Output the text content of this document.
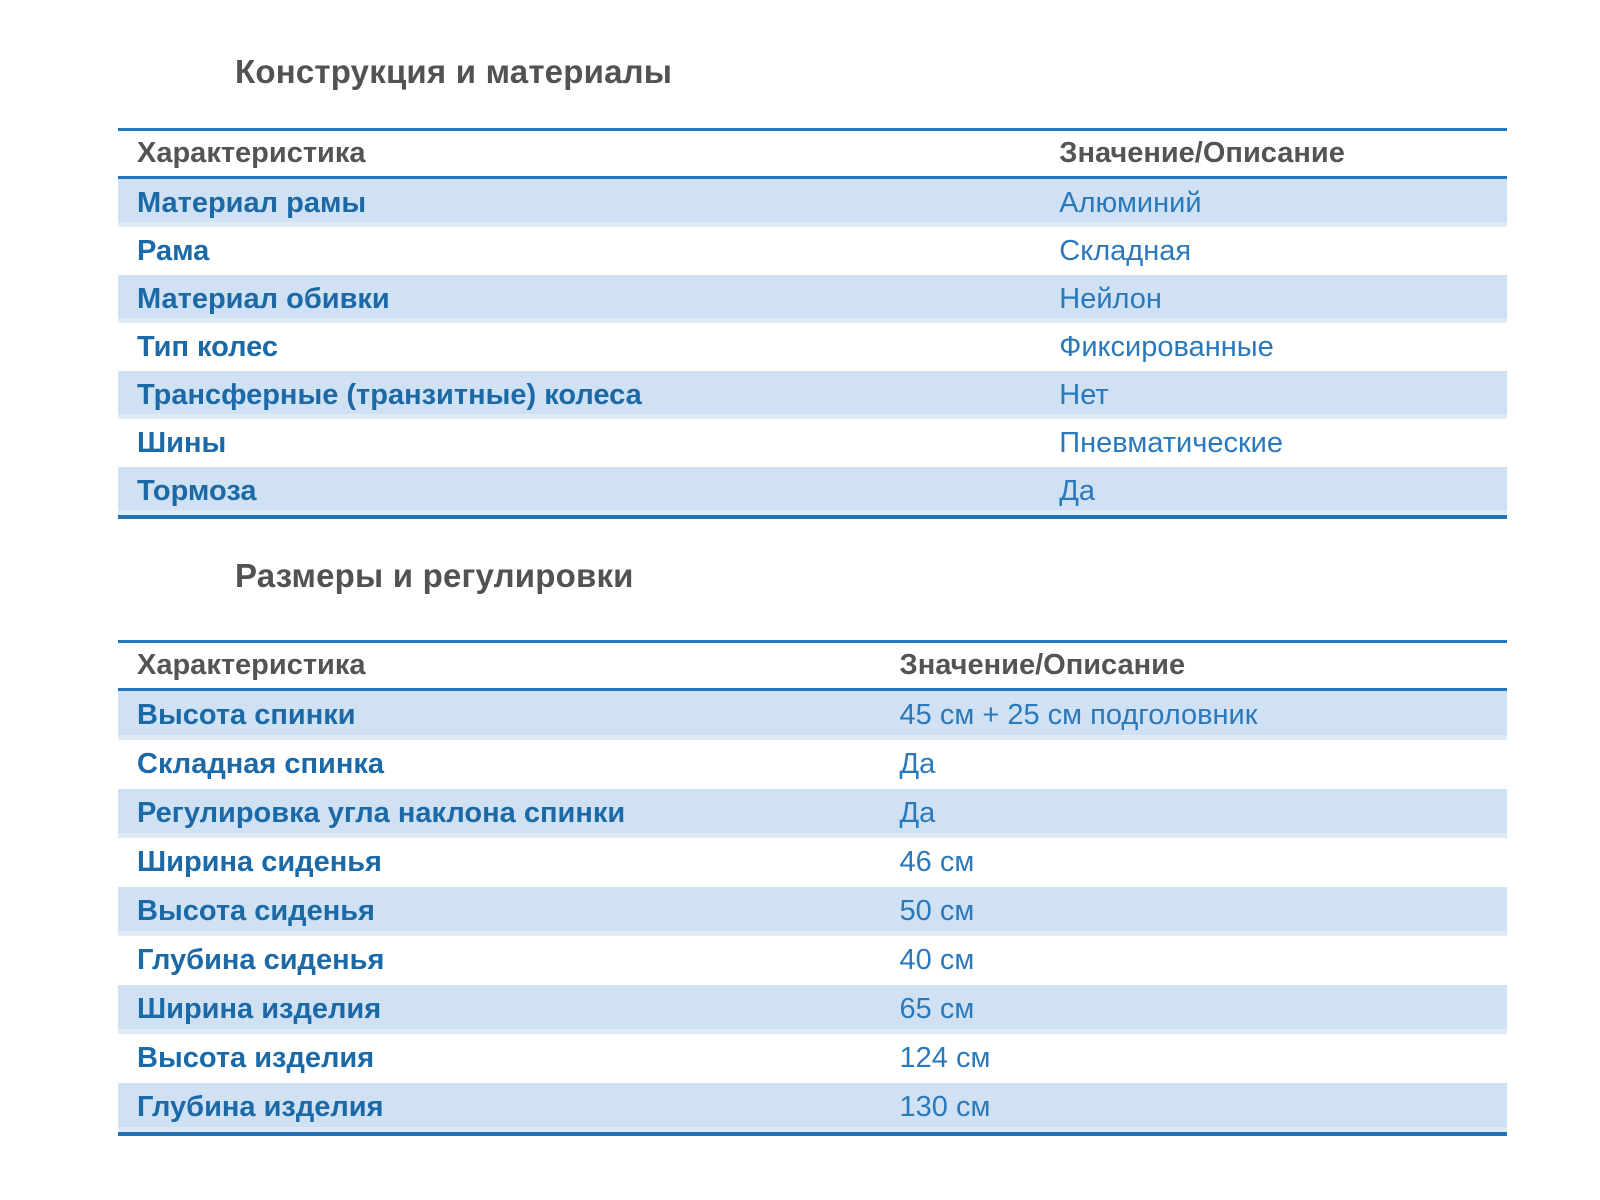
Конструкция и материалы
Характеристика	Значение/Описание
Материал рамы	Алюминий
Рама	Складная
Материал обивки	Нейлон
Тип колес	Фиксированные
Трансферные (транзитные) колеса	Нет
Шины	Пневматические
Тормоза	Да
Размеры и регулировки
Характеристика	Значение/Описание
Высота спинки	45 см + 25 см подголовник
Складная спинка	Да
Регулировка угла наклона спинки	Да
Ширина сиденья	46 см
Высота сиденья	50 см
Глубина сиденья	40 см
Ширина изделия	65 см
Высота изделия	124 см
Глубина изделия	130 см
